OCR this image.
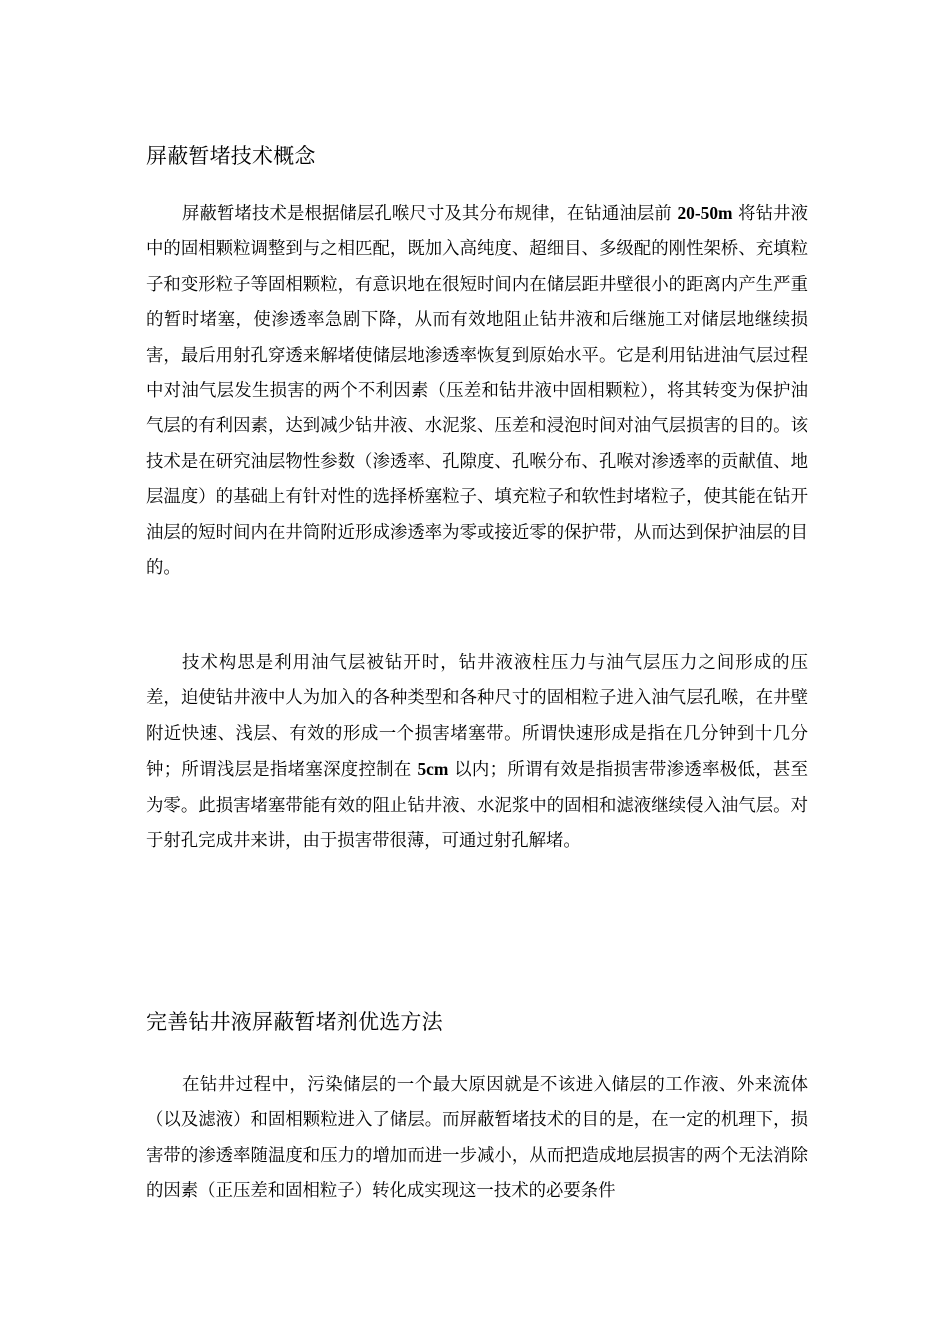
屏蔽暂堵技术概念

屏蔽暂堵技术是根据储层孔喉尺寸及其分布规律，在钻通油层前 20-50m 将钻井液中的固相颗粒调整到与之相匹配，既加入高纯度、超细目、多级配的刚性架桥、充填粒子和变形粒子等固相颗粒，有意识地在很短时间内在储层距井壁很小的距离内产生严重的暂时堵塞，使渗透率急剧下降，从而有效地阻止钻井液和后继施工对储层地继续损害，最后用射孔穿透来解堵使储层地渗透率恢复到原始水平。它是利用钻进油气层过程中对油气层发生损害的两个不利因素（压差和钻井液中固相颗粒），将其转变为保护油气层的有利因素，达到减少钻井液、水泥浆、压差和浸泡时间对油气层损害的目的。该技术是在研究油层物性参数（渗透率、孔隙度、孔喉分布、孔喉对渗透率的贡献值、地层温度）的基础上有针对性的选择桥塞粒子、填充粒子和软性封堵粒子，使其能在钻开油层的短时间内在井筒附近形成渗透率为零或接近零的保护带，从而达到保护油层的目的。

技术构思是利用油气层被钻开时，钻井液液柱压力与油气层压力之间形成的压差，迫使钻井液中人为加入的各种类型和各种尺寸的固相粒子进入油气层孔喉，在井壁附近快速、浅层、有效的形成一个损害堵塞带。所谓快速形成是指在几分钟到十几分钟；所谓浅层是指堵塞深度控制在 5cm 以内；所谓有效是指损害带渗透率极低，甚至为零。此损害堵塞带能有效的阻止钻井液、水泥浆中的固相和滤液继续侵入油气层。对于射孔完成井来讲，由于损害带很薄，可通过射孔解堵。

完善钻井液屏蔽暂堵剂优选方法

在钻井过程中，污染储层的一个最大原因就是不该进入储层的工作液、外来流体（以及滤液）和固相颗粒进入了储层。而屏蔽暂堵技术的目的是，在一定的机理下，损害带的渗透率随温度和压力的增加而进一步减小，从而把造成地层损害的两个无法消除的因素（正压差和固相粒子）转化成实现这一技术的必要条件
